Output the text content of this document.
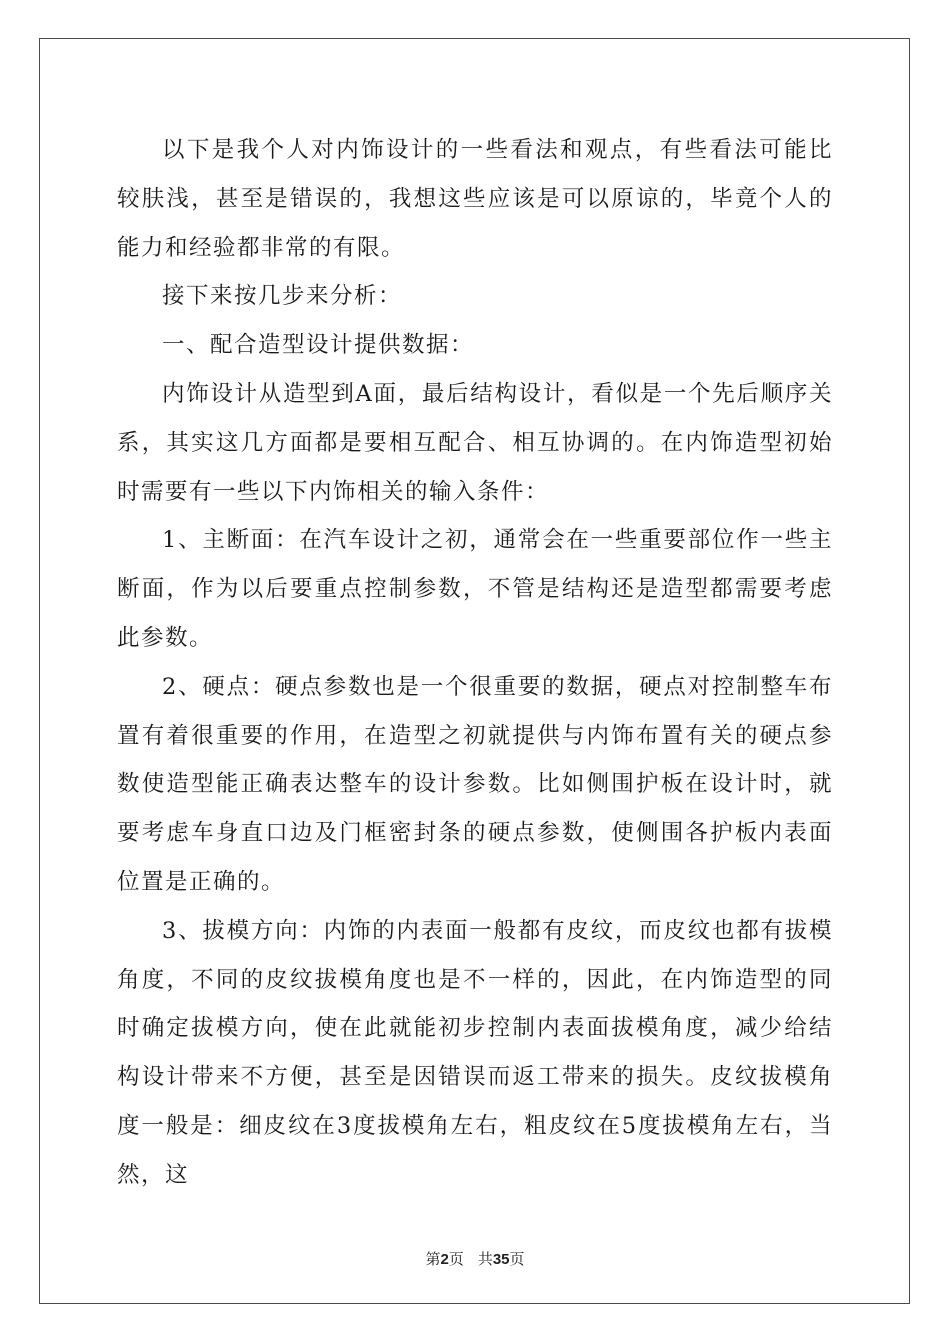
以下是我个人对内饰设计的一些看法和观点，有些看法可能比较肤浅，甚至是错误的，我想这些应该是可以原谅的，毕竟个人的能力和经验都非常的有限。

接下来按几步来分析：

一、配合造型设计提供数据：

内饰设计从造型到A面，最后结构设计，看似是一个先后顺序关系，其实这几方面都是要相互配合、相互协调的。在内饰造型初始时需要有一些以下内饰相关的输入条件：

1、主断面：在汽车设计之初，通常会在一些重要部位作一些主断面，作为以后要重点控制参数，不管是结构还是造型都需要考虑此参数。

2、硬点：硬点参数也是一个很重要的数据，硬点对控制整车布置有着很重要的作用，在造型之初就提供与内饰布置有关的硬点参数使造型能正确表达整车的设计参数。比如侧围护板在设计时，就要考虑车身直口边及门框密封条的硬点参数，使侧围各护板内表面位置是正确的。

3、拔模方向：内饰的内表面一般都有皮纹，而皮纹也都有拔模角度，不同的皮纹拔模角度也是不一样的，因此，在内饰造型的同时确定拔模方向，使在此就能初步控制内表面拔模角度，减少给结构设计带来不方便，甚至是因错误而返工带来的损失。皮纹拔模角度一般是：细皮纹在3度拔模角左右，粗皮纹在5度拔模角左右，当然，这

第2页 共35页
